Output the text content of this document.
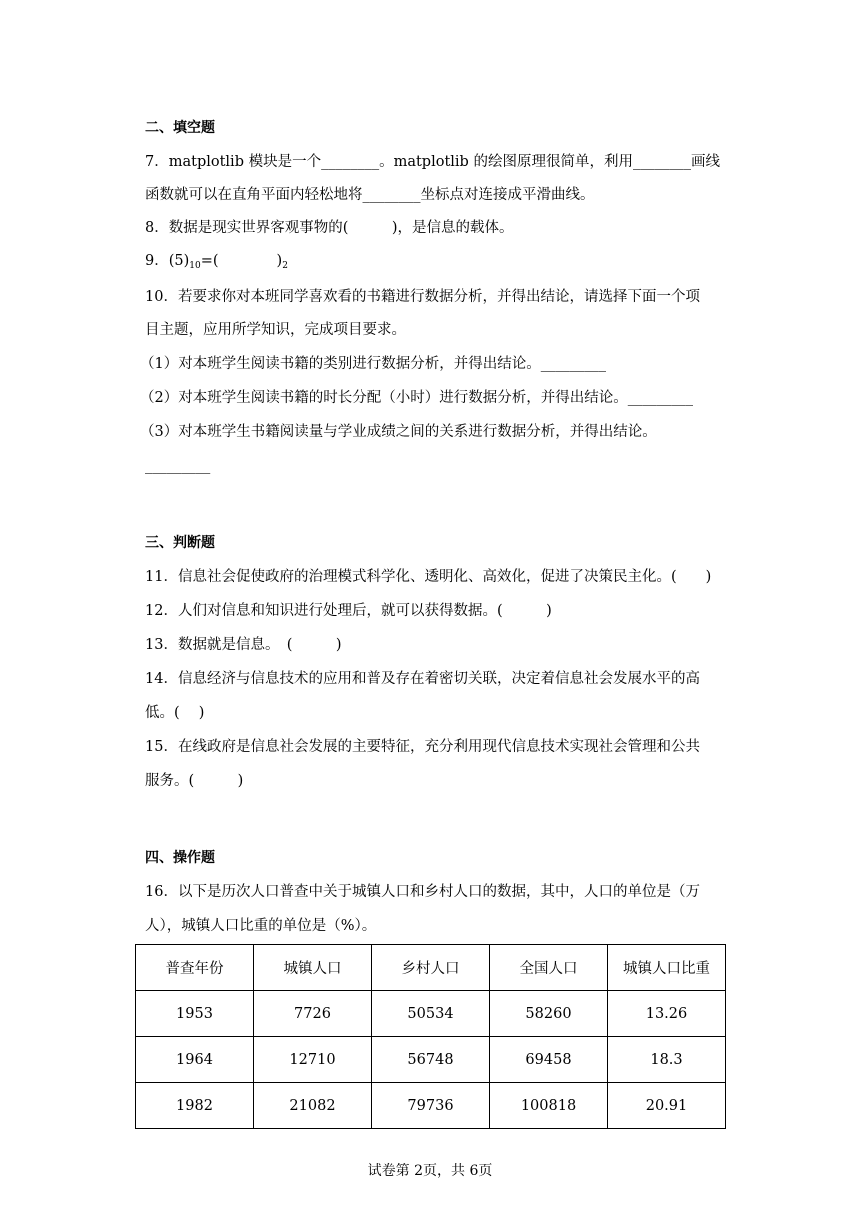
二、填空题
7．matplotlib 模块是一个________。matplotlib 的绘图原理很简单，利用________画线
函数就可以在直角平面内轻松地将________坐标点对连接成平滑曲线。
8．数据是现实世界客观事物的(　　　)，是信息的载体。
9．$(5)_{10}=$(　　　　)$_2$
10．若要求你对本班同学喜欢看的书籍进行数据分析，并得出结论，请选择下面一个项
目主题，应用所学知识，完成项目要求。
（1）对本班学生阅读书籍的类别进行数据分析，并得出结论。_________
（2）对本班学生阅读书籍的时长分配（小时）进行数据分析，并得出结论。_________
（3）对本班学生书籍阅读量与学业成绩之间的关系进行数据分析，并得出结论。
_________
三、判断题
11．信息社会促使政府的治理模式科学化、透明化、高效化，促进了决策民主化。(　　)
12．人们对信息和知识进行处理后，就可以获得数据。(　　　)
13．数据就是信息。　(　　　)
14．信息经济与信息技术的应用和普及存在着密切关联，决定着信息社会发展水平的高
低。(　 )
15．在线政府是信息社会发展的主要特征，充分利用现代信息技术实现社会管理和公共
服务。(　　　)
四、操作题
16．以下是历次人口普查中关于城镇人口和乡村人口的数据，其中，人口的单位是（万
人），城镇人口比重的单位是（%）。
普查年份	城镇人口	乡村人口	全国人口	城镇人口比重
1953	7726	50534	58260	13.26
1964	12710	56748	69458	18.3
1982	21082	79736	100818	20.91
试卷第 2页，共 6页
